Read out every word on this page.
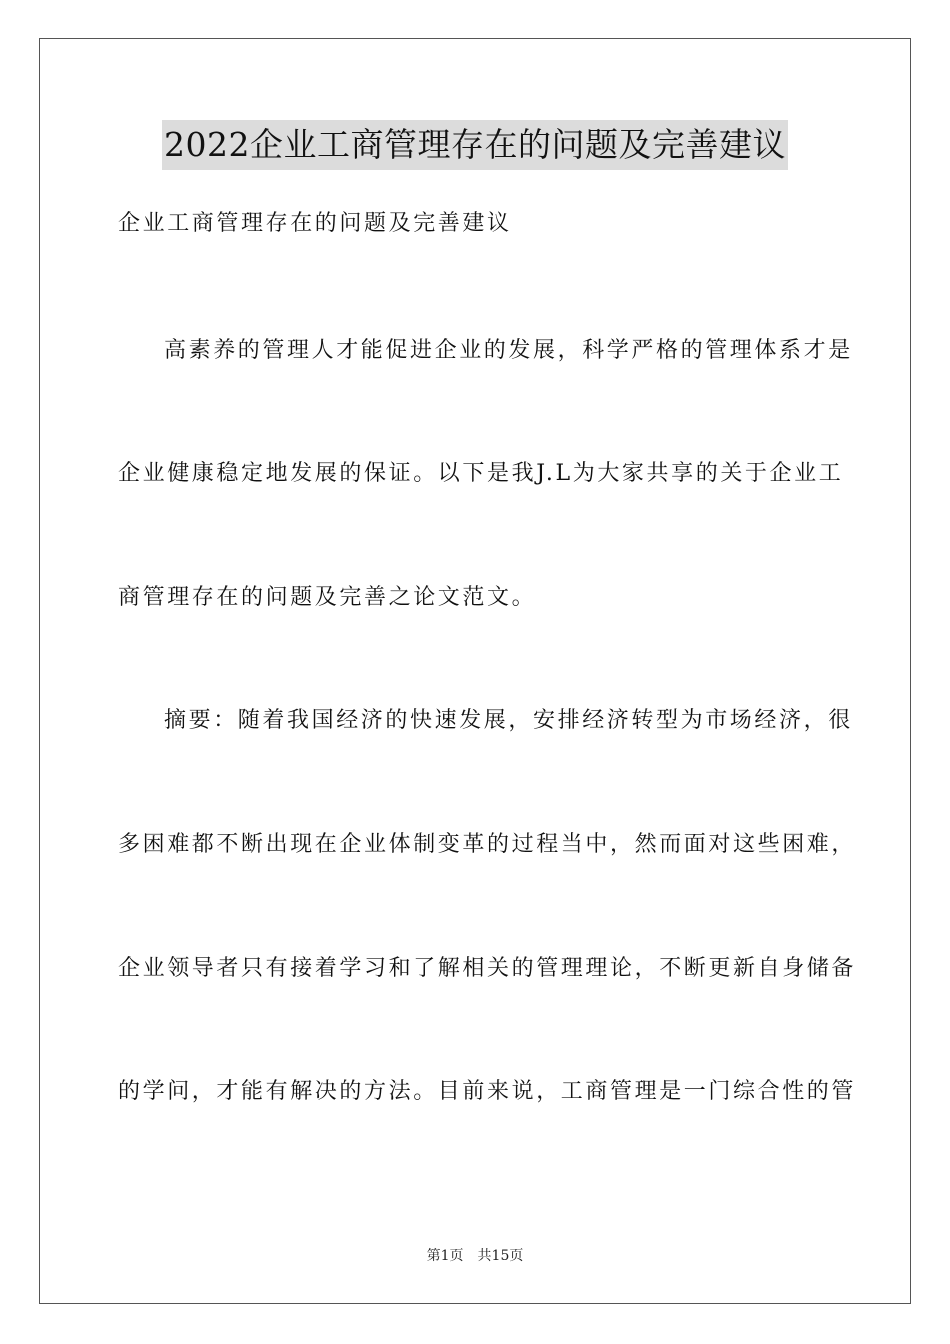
2022企业工商管理存在的问题及完善建议

企业工商管理存在的问题及完善建议

高素养的管理人才能促进企业的发展，科学严格的管理体系才是

企业健康稳定地发展的保证。以下是我J.L为大家共享的关于企业工

商管理存在的问题及完善之论文范文。

摘要：随着我国经济的快速发展，安排经济转型为市场经济，很

多困难都不断出现在企业体制变革的过程当中，然而面对这些困难，

企业领导者只有接着学习和了解相关的管理理论，不断更新自身储备

的学问，才能有解决的方法。目前来说，工商管理是一门综合性的管

第1页 共15页
